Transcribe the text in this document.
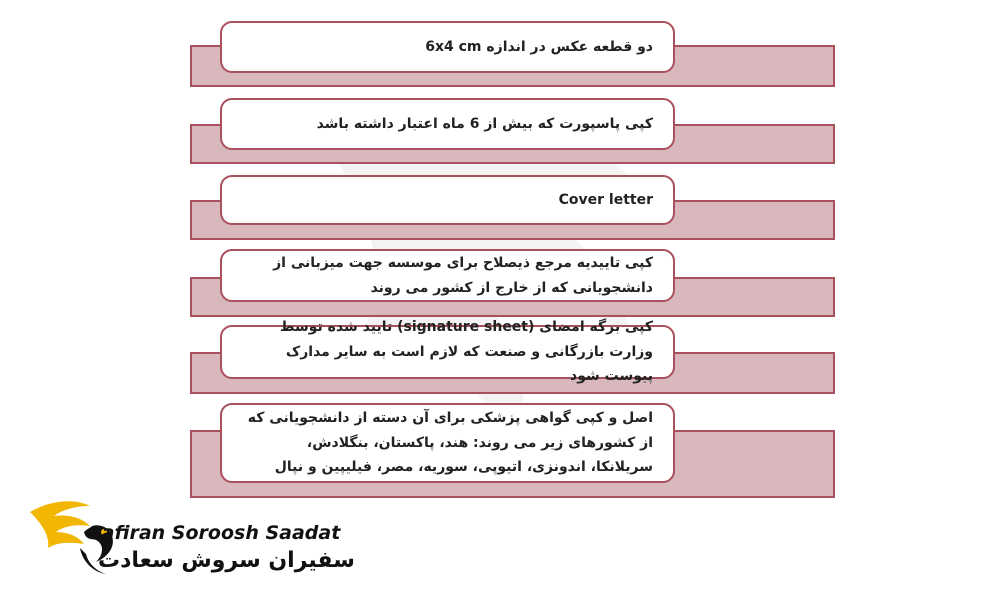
دو قطعه عکس در اندازه 6x4 cm
کپی پاسپورت که بیش از 6 ماه اعتبار داشته باشد
Cover letter
کپی تاییدیه مرجع ذیصلاح برای موسسه جهت میزبانی از دانشجویانی که از خارج از کشور می روند
کپی برگه امضای (signature sheet) تایید شده توسط وزارت بازرگانی و صنعت که لازم است به سایر مدارک پیوست شود
اصل و کپی گواهی پزشکی برای آن دسته از دانشجویانی که از کشورهای زیر می روند: هند، پاکستان، بنگلادش، سریلانکا، اندونزی، اتیوپی، سوریه، مصر، فیلیپین و نپال
Safiran Soroosh Saadat
سفیران سروش سعادت
